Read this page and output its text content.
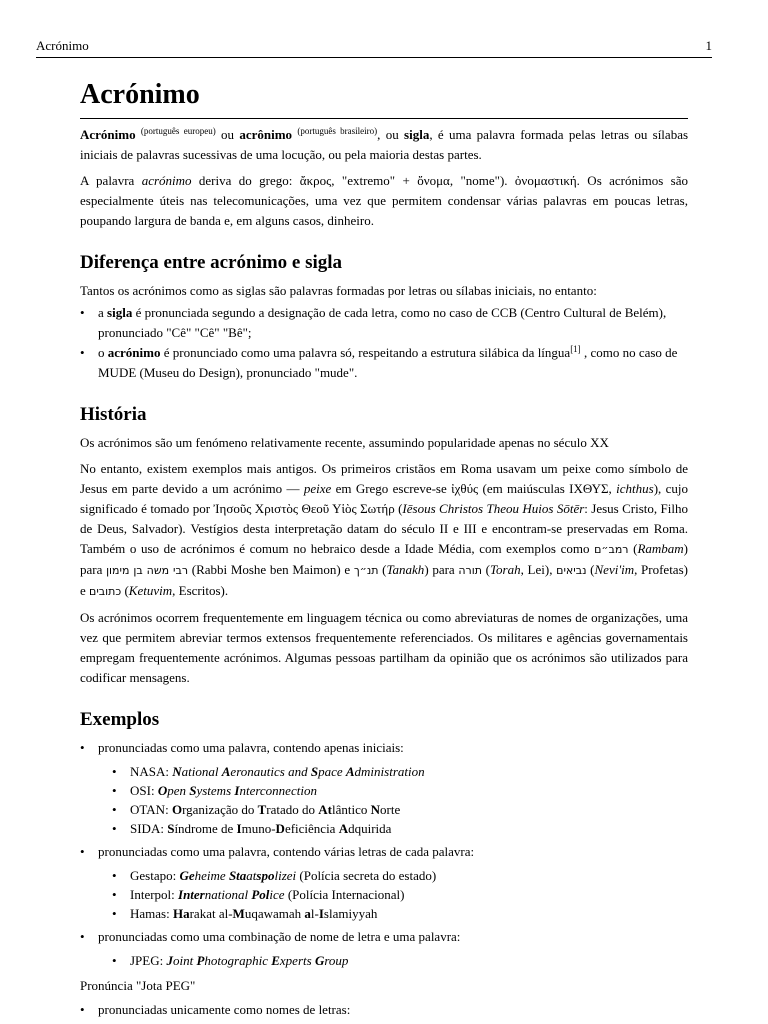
Acrónimo	1
Acrónimo

Acrónimo $^{(português europeu)}$ ou acrônimo $^{(português brasileiro)}$, ou sigla, é uma palavra formada pelas letras ou sílabas iniciais de palavras sucessivas de uma locução, ou pela maioria destas partes.

A palavra acrónimo deriva do grego: ἄκρος, "extremo" + ὄνομα, "nome"). ὀνομαστική. Os acrónimos são especialmente úteis nas telecomunicações, uma vez que permitem condensar várias palavras em poucas letras, poupando largura de banda e, em alguns casos, dinheiro.

Diferença entre acrónimo e sigla

Tantos os acrónimos como as siglas são palavras formadas por letras ou sílabas iniciais, no entanto:

• a sigla é pronunciada segundo a designação de cada letra, como no caso de CCB (Centro Cultural de Belém), pronunciado "Cê" "Cê" "Bê";
• o acrónimo é pronunciado como uma palavra só, respeitando a estrutura silábica da língua[1] , como no caso de MUDE (Museu do Design), pronunciado "mude".
História

Os acrónimos são um fenómeno relativamente recente, assumindo popularidade apenas no século XX

No entanto, existem exemplos mais antigos. Os primeiros cristãos em Roma usavam um peixe como símbolo de Jesus em parte devido a um acrónimo — peixe em Grego escreve-se ἰχθύς (em maiúsculas ΙΧΘΥΣ, ichthus), cujo significado é tomado por Ἰησοῦς Χριστὸς Θεοῦ Υἱὸς Σωτήρ (Iēsous Christos Theou Huios Sōtēr: Jesus Cristo, Filho de Deus, Salvador). Vestígios desta interpretação datam do século II e III e encontram-se preservadas em Roma. Também o uso de acrónimos é comum no hebraico desde a Idade Média, com exemplos como רמב״ם (Rambam) para רבי משה בן מימון (Rabbi Moshe ben Maimon) e תנ״ך (Tanakh) para תורה (Torah, Lei), נביאים (Nevi'im, Profetas) e כתובים (Ketuvim, Escritos).

Os acrónimos ocorrem frequentemente em linguagem técnica ou como abreviaturas de nomes de organizações, uma vez que permitem abreviar termos extensos frequentemente referenciados. Os militares e agências governamentais empregam frequentemente acrónimos. Algumas pessoas partilham da opinião que os acrónimos são utilizados para codificar mensagens.

Exemplos
• pronunciadas como uma palavra, contendo apenas iniciais:
• NASA: National Aeronautics and Space Administration
• OSI: Open Systems Interconnection
• OTAN: Organização do Tratado do Atlântico Norte
• SIDA: Síndrome de Imuno-Deficiência Adquirida
• pronunciadas como uma palavra, contendo várias letras de cada palavra:
• Gestapo: Geheime Staatspolizei (Polícia secreta do estado)
• Interpol: International Police (Polícia Internacional)
• Hamas: Harakat al-Muqawamah al-Islamiyyah
• pronunciadas como uma combinação de nome de letra e uma palavra:
• JPEG: Joint Photographic Experts Group

Pronúncia "Jota PEG"

• pronunciadas unicamente como nomes de letras:
